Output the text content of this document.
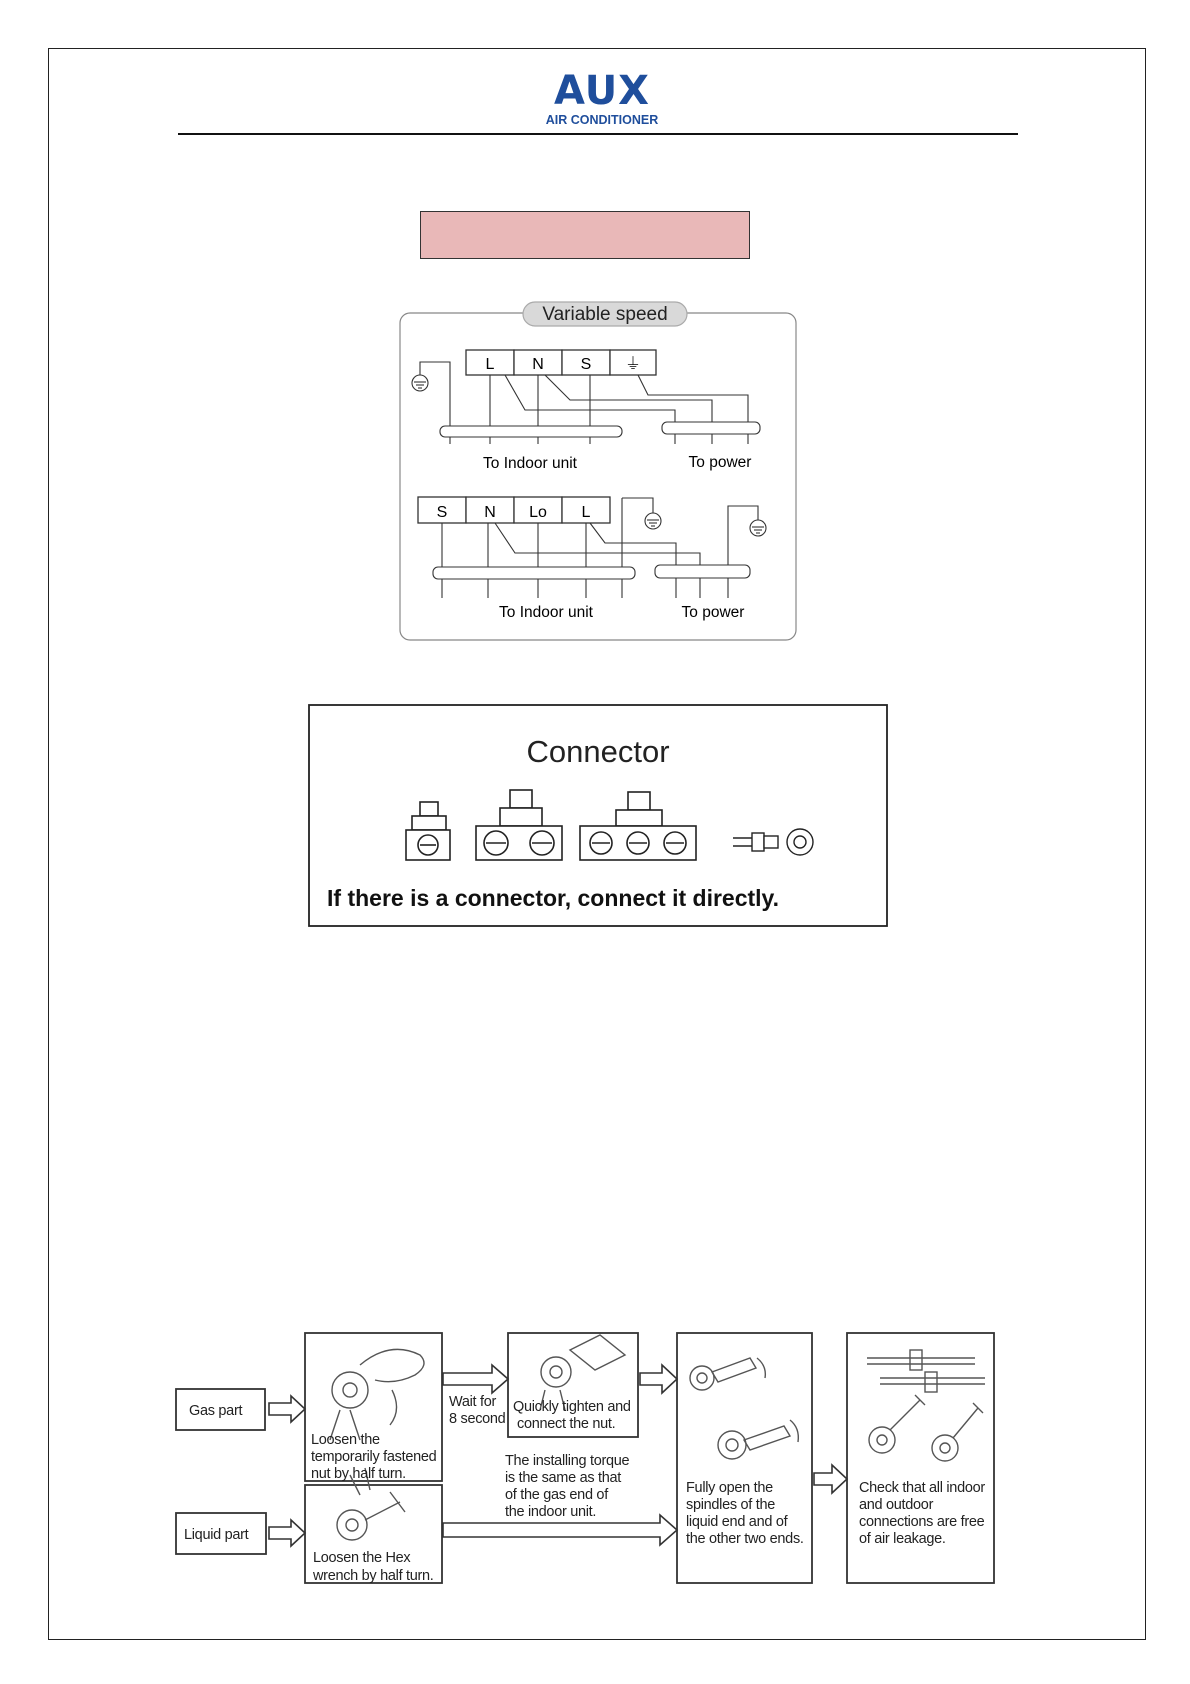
AUX
AIR CONDITIONER
Variable speed
L N S ⏚
To Indoor unit	To power
S N Lo L
To Indoor unit	To power
Connector
If there is a connector, connect it directly.
Gas part
Liquid part
Loosen the
temporarily fastened
nut by half turn.
Wait for
8 second
Quickly tighten and
connect the nut.
The installing torque
is the same as that
of the gas end of
the indoor unit.
Loosen the Hex
wrench by half turn.
Fully open the
spindles of the
liquid end and of
the other two ends.
Check that all indoor
and outdoor
connections are free
of air leakage.
